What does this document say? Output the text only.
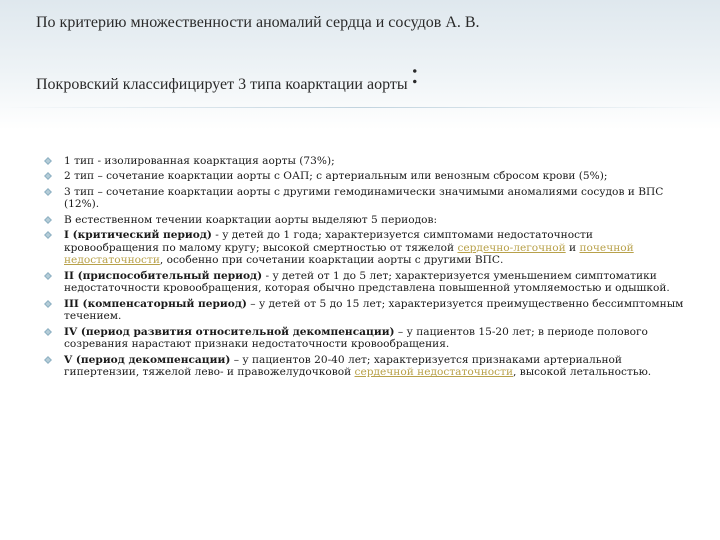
По критерию множественности аномалий сердца и сосудов А. В.
Покровский классифицирует 3 типа коарктации аорты :
1 тип - изолированная коарктация аорты (73%);
2 тип – сочетание коарктации аорты с ОАП; с артериальным или венозным сбросом крови (5%);
3 тип – сочетание коарктации аорты с другими гемодинамически значимыми аномалиями сосудов и ВПС (12%).
В естественном течении коарктации аорты выделяют 5 периодов:
I (критический период) - у детей до 1 года; характеризуется симптомами недостаточности кровообращения по малому кругу; высокой смертностью от тяжелой сердечно-легочной и почечной недостаточности, особенно при сочетании коарктации аорты с другими ВПС.
II (приспособительный период) - у детей от 1 до 5 лет; характеризуется уменьшением симптоматики недостаточности кровообращения, которая обычно представлена повышенной утомляемостью и одышкой.
III (компенсаторный период) – у детей от 5 до 15 лет; характеризуется преимущественно бессимптомным течением.
IV (период развития относительной декомпенсации) – у пациентов 15-20 лет; в периоде полового созревания нарастают признаки недостаточности кровообращения.
V (период декомпенсации) – у пациентов 20-40 лет; характеризуется признаками артериальной гипертензии, тяжелой лево- и правожелудочковой сердечной недостаточности, высокой летальностью.
